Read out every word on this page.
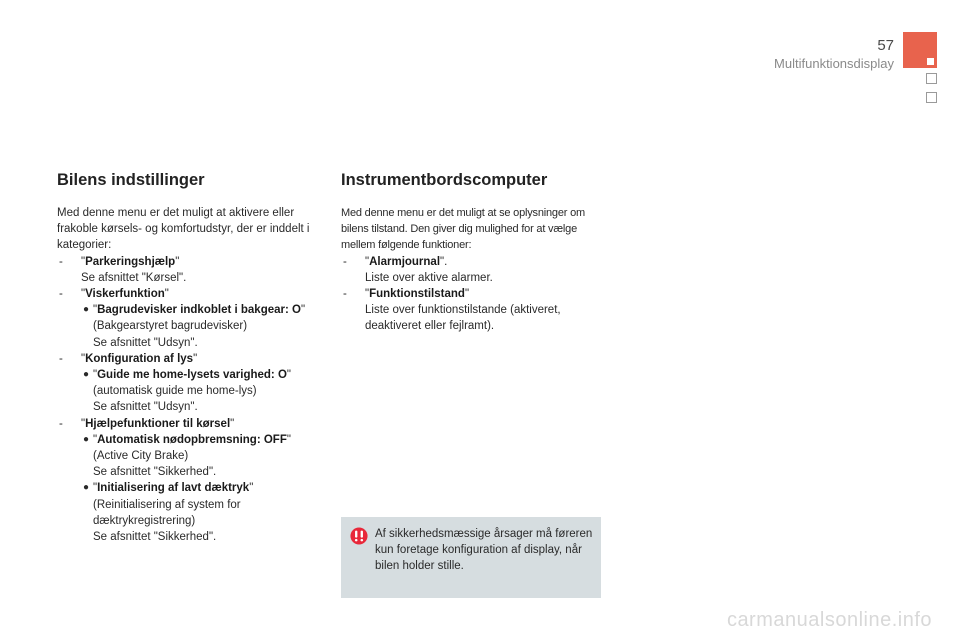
57
Multifunktionsdisplay
Bilens indstillinger

Med denne menu er det muligt at aktivere eller frakoble kørsels- og komfortudstyr, der er inddelt i kategorier:

- "Parkeringshjælp"
Se afsnittet "Kørsel".
- "Viskerfunktion"
● "Bagrudevisker indkoblet i bakgear: O" (Bakgearstyret bagrudevisker)
Se afsnittet "Udsyn".
- "Konfiguration af lys"
● "Guide me home-lysets varighed: O"
(automatisk guide me home-lys)
Se afsnittet "Udsyn".
- "Hjælpefunktioner til kørsel"
● "Automatisk nødopbremsning: OFF"
(Active City Brake)
Se afsnittet "Sikkerhed".
● "Initialisering af lavt dæktryk"
(Reinitialisering af system for dæktrykregistrering)
Se afsnittet "Sikkerhed".
Instrumentbordscomputer

Med denne menu er det muligt at se oplysninger om bilens tilstand. Den giver dig mulighed for at vælge mellem følgende funktioner:

- "Alarmjournal".
Liste over aktive alarmer.
- "Funktionstilstand"
Liste over funktionstilstande (aktiveret, deaktiveret eller fejlramt).
Af sikkerhedsmæssige årsager må føreren kun foretage konfiguration af display, når bilen holder stille.
carmanualsonline.info
